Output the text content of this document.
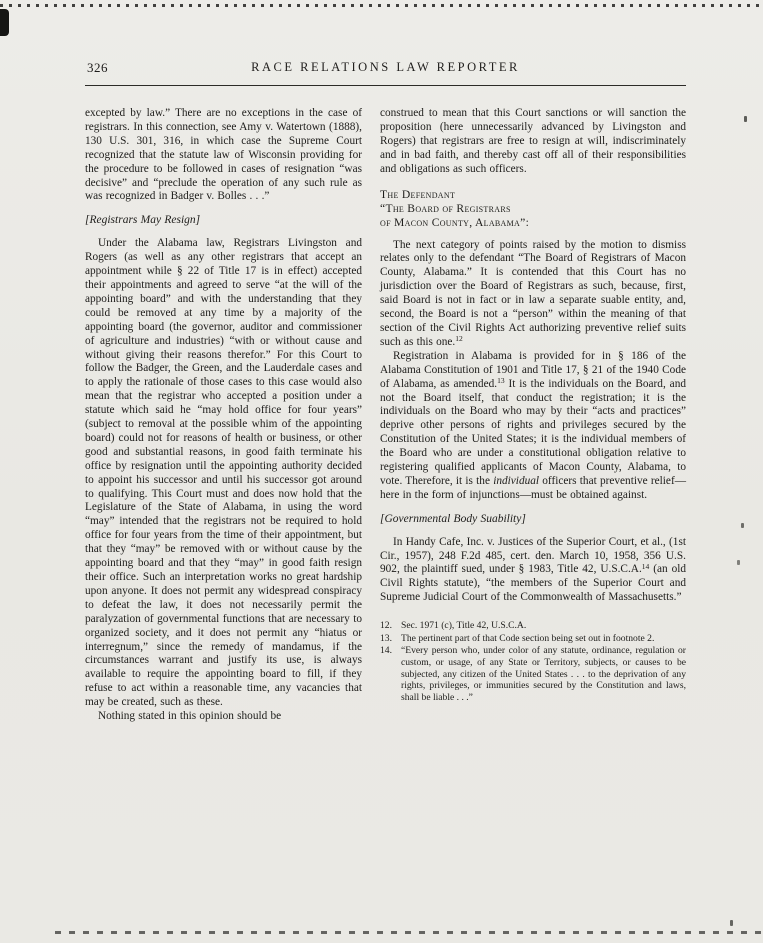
326	RACE RELATIONS LAW REPORTER

excepted by law.” There are no exceptions in the case of registrars. In this connection, see Amy v. Watertown (1888), 130 U.S. 301, 316, in which case the Supreme Court recognized that the statute law of Wisconsin providing for the procedure to be followed in cases of resignation “was decisive” and “preclude the operation of any such rule as was recognized in Badger v. Bolles . . .”

[Registrars May Resign]

Under the Alabama law, Registrars Livingston and Rogers (as well as any other registrars that accept an appointment while § 22 of Title 17 is in effect) accepted their appointments and agreed to serve “at the will of the appointing board” and with the understanding that they could be removed at any time by a majority of the appointing board (the governor, auditor and commissioner of agriculture and industries) “with or without cause and without giving their reasons therefor.” For this Court to follow the Badger, the Green, and the Lauderdale cases and to apply the rationale of those cases to this case would also mean that the registrar who accepted a position under a statute which said he “may hold office for four years” (subject to removal at the possible whim of the appointing board) could not for reasons of health or business, or other good and substantial reasons, in good faith terminate his office by resignation until the appointing authority decided to appoint his successor and until his successor got around to qualifying. This Court must and does now hold that the Legislature of the State of Alabama, in using the word “may” intended that the registrars not be required to hold office for four years from the time of their appointment, but that they “may” be removed with or without cause by the appointing board and that they “may” in good faith resign their office. Such an interpretation works no great hardship upon anyone. It does not permit any widespread conspiracy to defeat the law, it does not necessarily permit the paralyzation of governmental functions that are necessary to organized society, and it does not permit any “hiatus or interregnum,” since the remedy of mandamus, if the circumstances warrant and justify its use, is always available to require the appointing board to fill, if they refuse to act within a reasonable time, any vacancies that may be created, such as these.

Nothing stated in this opinion should be

construed to mean that this Court sanctions or will sanction the proposition (here unnecessarily advanced by Livingston and Rogers) that registrars are free to resign at will, indiscriminately and in bad faith, and thereby cast off all of their responsibilities and obligations as such officers.

The Defendant
“The Board of Registrars
of Macon County, Alabama”:

The next category of points raised by the motion to dismiss relates only to the defendant “The Board of Registrars of Macon County, Alabama.” It is contended that this Court has no jurisdiction over the Board of Registrars as such, because, first, said Board is not in fact or in law a separate suable entity, and, second, the Board is not a “person” within the meaning of that section of the Civil Rights Act authorizing preventive relief suits such as this one.$^{12}$

Registration in Alabama is provided for in § 186 of the Alabama Constitution of 1901 and Title 17, § 21 of the 1940 Code of Alabama, as amended.$^{13}$ It is the individuals on the Board, and not the Board itself, that conduct the registration; it is the individuals on the Board who may by their “acts and practices” deprive other persons of rights and privileges secured by the Constitution of the United States; it is the individual members of the Board who are under a constitutional obligation relative to registering qualified applicants of Macon County, Alabama, to vote. Therefore, it is the individual officers that preventive relief—here in the form of injunctions—must be obtained against.

[Governmental Body Suability]

In Handy Cafe, Inc. v. Justices of the Superior Court, et al., (1st Cir., 1957), 248 F.2d 485, cert. den. March 10, 1958, 356 U.S. 902, the plaintiff sued, under § 1983, Title 42, U.S.C.A.$^{14}$ (an old Civil Rights statute), “the members of the Superior Court and Supreme Judicial Court of the Commonwealth of Massachusetts.”

12. Sec. 1971 (c), Title 42, U.S.C.A.
13. The pertinent part of that Code section being set out in footnote 2.
14. “Every person who, under color of any statute, ordinance, regulation or custom, or usage, of any State or Territory, subjects, or causes to be subjected, any citizen of the United States . . . to the deprivation of any rights, privileges, or immunities secured by the Constitution and laws, shall be liable . . .”
